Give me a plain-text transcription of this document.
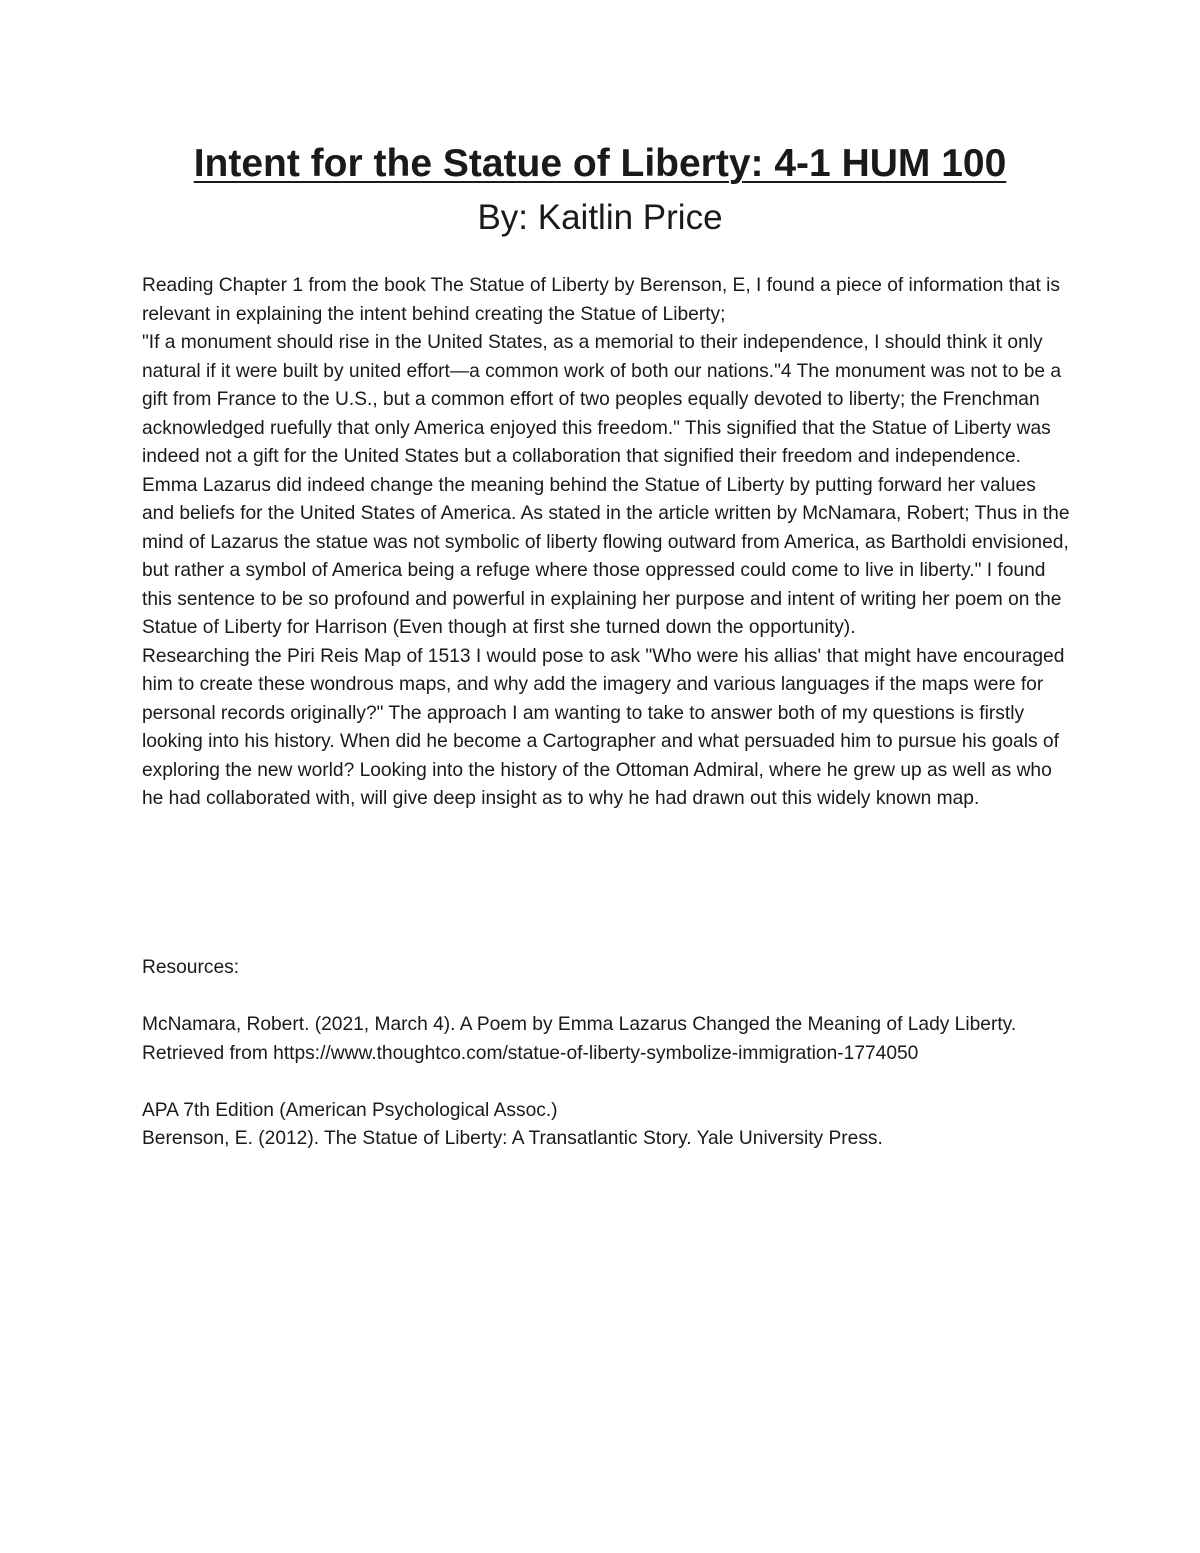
Intent for the Statue of Liberty: 4-1 HUM 100
By: Kaitlin Price

Reading Chapter 1 from the book The Statue of Liberty by Berenson, E, I found a piece of information that is relevant in explaining the intent behind creating the Statue of Liberty;

"If a monument should rise in the United States, as a memorial to their independence, I should think it only natural if it were built by united effort—a common work of both our nations."4 The monument was not to be a gift from France to the U.S., but a common effort of two peoples equally devoted to liberty; the Frenchman acknowledged ruefully that only America enjoyed this freedom." This signified that the Statue of Liberty was indeed not a gift for the United States but a collaboration that signified their freedom and independence. Emma Lazarus did indeed change the meaning behind the Statue of Liberty by putting forward her values and beliefs for the United States of America. As stated in the article written by McNamara, Robert; Thus in the mind of Lazarus the statue was not symbolic of liberty flowing outward from America, as Bartholdi envisioned, but rather a symbol of America being a refuge where those oppressed could come to live in liberty." I found this sentence to be so profound and powerful in explaining her purpose and intent of writing her poem on the Statue of Liberty for Harrison (Even though at first she turned down the opportunity).

Researching the Piri Reis Map of 1513 I would pose to ask "Who were his allias' that might have encouraged him to create these wondrous maps, and why add the imagery and various languages if the maps were for personal records originally?" The approach I am wanting to take to answer both of my questions is firstly looking into his history. When did he become a Cartographer and what persuaded him to pursue his goals of exploring the new world? Looking into the history of the Ottoman Admiral, where he grew up as well as who he had collaborated with, will give deep insight as to why he had drawn out this widely known map.

Resources:

McNamara, Robert. (2021, March 4). A Poem by Emma Lazarus Changed the Meaning of Lady Liberty. Retrieved from https://www.thoughtco.com/statue-of-liberty-symbolize-immigration-1774050

APA 7th Edition (American Psychological Assoc.)

Berenson, E. (2012). The Statue of Liberty: A Transatlantic Story. Yale University Press.
